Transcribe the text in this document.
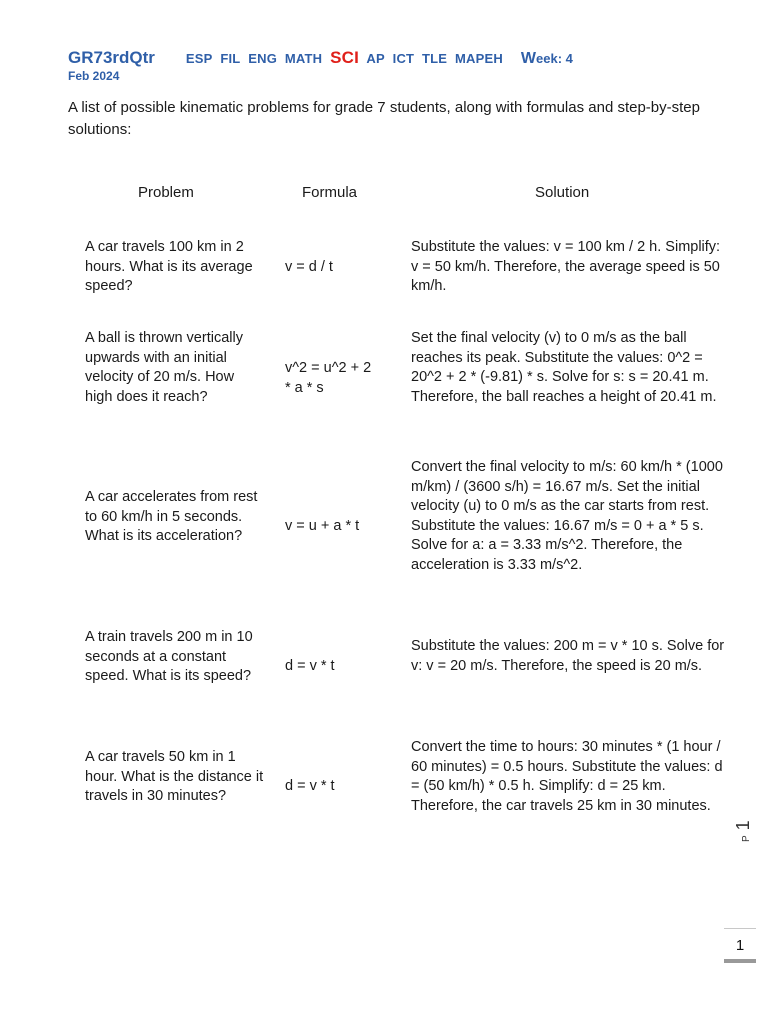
GR73rdQtr ESP FIL ENG MATH SCI AP ICT TLE MAPEH Week: 4
Feb 2024
A list of possible kinematic problems for grade 7 students, along with formulas and step-by-step solutions:
Problem	Formula	Solution
A car travels 100 km in 2 hours. What is its average speed?
v = d / t
Substitute the values: v = 100 km / 2 h. Simplify: v = 50 km/h. Therefore, the average speed is 50 km/h.
A ball is thrown vertically upwards with an initial velocity of 20 m/s. How high does it reach?
v^2 = u^2 + 2 * a * s
Set the final velocity (v) to 0 m/s as the ball reaches its peak. Substitute the values: 0^2 = 20^2 + 2 * (-9.81) * s. Solve for s: s = 20.41 m. Therefore, the ball reaches a height of 20.41 m.
A car accelerates from rest to 60 km/h in 5 seconds. What is its acceleration?
v = u + a * t
Convert the final velocity to m/s: 60 km/h * (1000 m/km) / (3600 s/h) = 16.67 m/s. Set the initial velocity (u) to 0 m/s as the car starts from rest. Substitute the values: 16.67 m/s = 0 + a * 5 s. Solve for a: a = 3.33 m/s^2. Therefore, the acceleration is 3.33 m/s^2.
A train travels 200 m in 10 seconds at a constant speed. What is its speed?
d = v * t
Substitute the values: 200 m = v * 10 s. Solve for v: v = 20 m/s. Therefore, the speed is 20 m/s.
A car travels 50 km in 1 hour. What is the distance it travels in 30 minutes?
d = v * t
Convert the time to hours: 30 minutes * (1 hour / 60 minutes) = 0.5 hours. Substitute the values: d = (50 km/h) * 0.5 h. Simplify: d = 25 km. Therefore, the car travels 25 km in 30 minutes.
P 1
1
